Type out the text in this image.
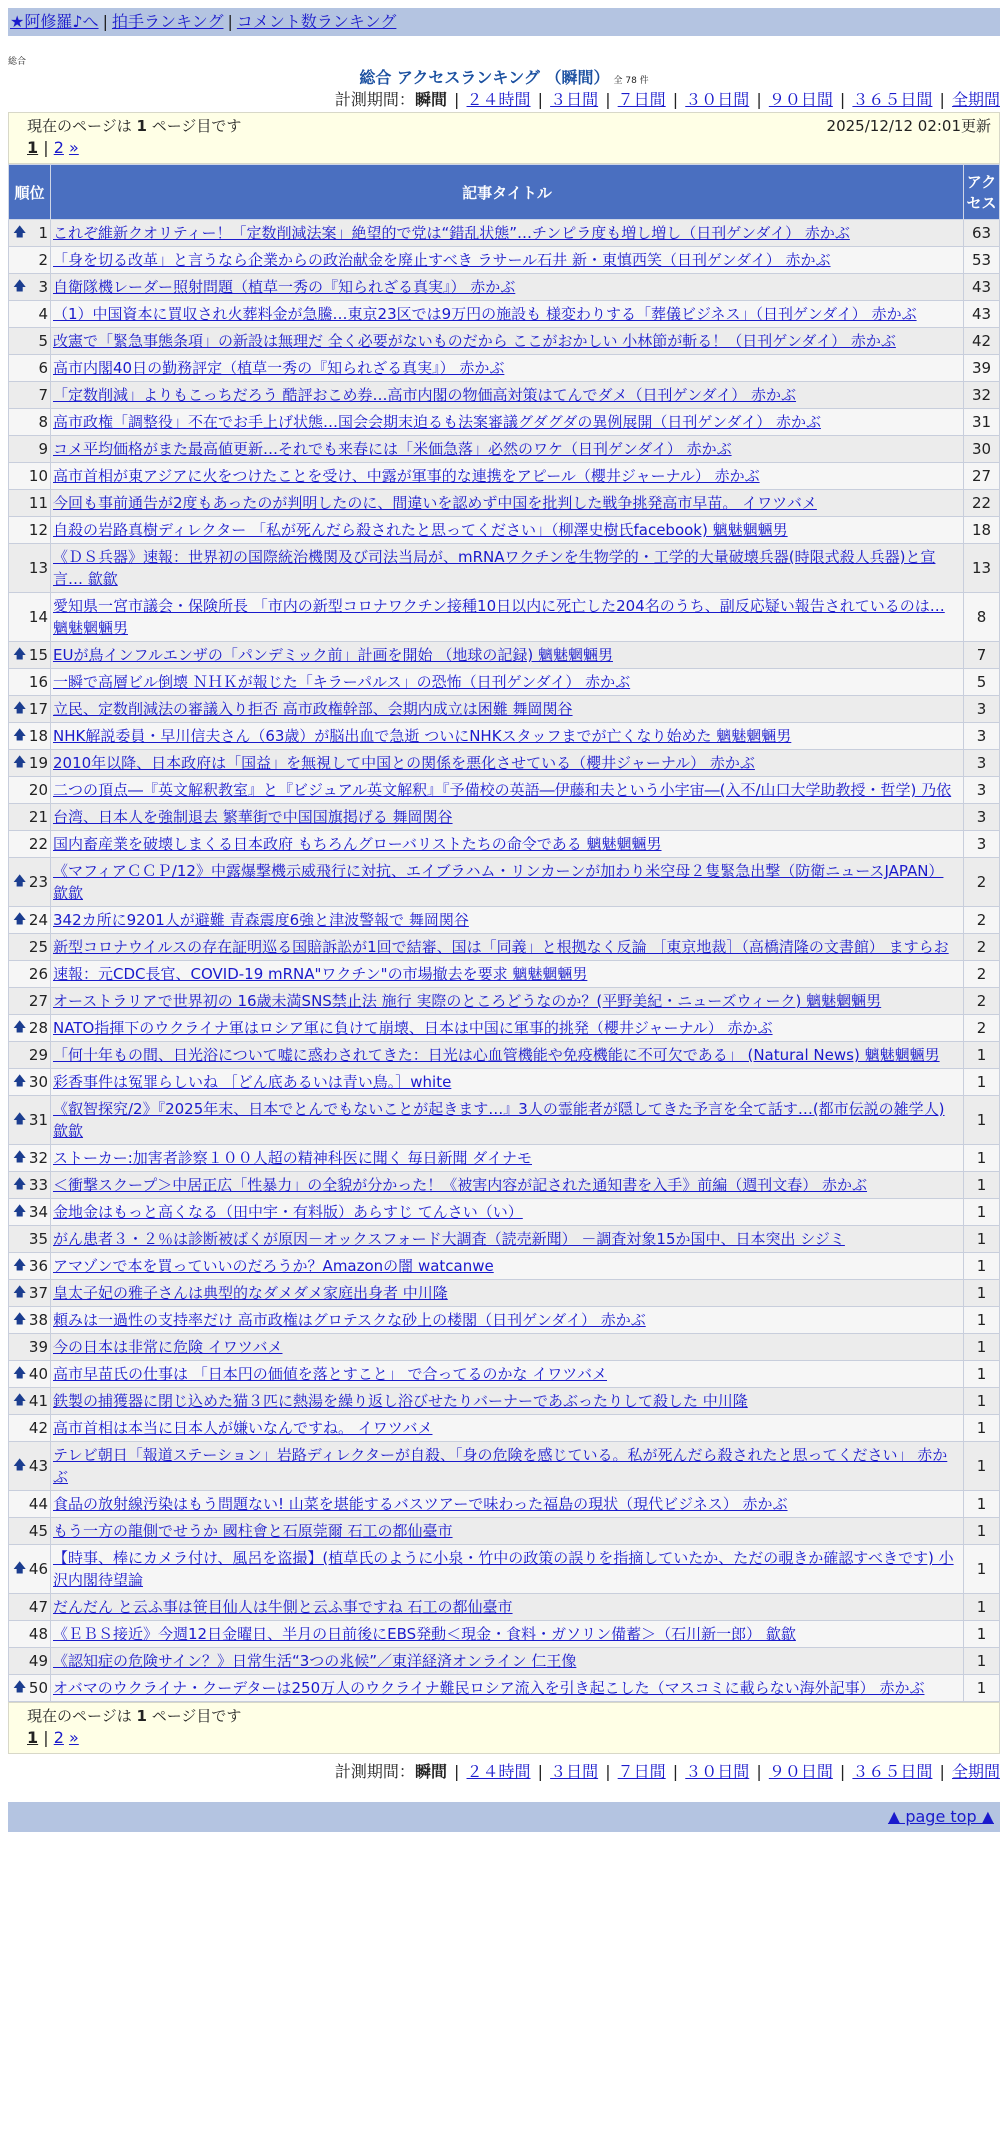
★阿修羅♪へ | 拍手ランキング | コメント数ランキング
総合
総合 アクセスランキング （瞬間） 全 78 件
計測期間：瞬間 | ２４時間 | ３日間 | ７日間 | ３０日間 | ９０日間 | ３６５日間 | 全期間
現在のページは 1 ページ目です	2025/12/12 02:01更新
1 | 2 »
順位	記事タイトル	アクセス

🡅 1	これぞ維新クオリティー！「定数削減法案」絶望的で党は“錯乱状態”…チンピラ度も増し増し（日刊ゲンダイ） 赤かぶ	63
2	「身を切る改革」と言うなら企業からの政治献金を廃止すべき ラサール石井 新・東慎西笑（日刊ゲンダイ） 赤かぶ	53

🡅 3	自衛隊機レーダー照射問題（植草一秀の『知られざる真実』） 赤かぶ	43
4	（1）中国資本に買収され火葬料金が急騰…東京23区では9万円の施設も 様変わりする「葬儀ビジネス」（日刊ゲンダイ） 赤かぶ	43
5	改憲で「緊急事態条項」の新設は無理だ 全く必要がないものだから ここがおかしい 小林節が斬る！（日刊ゲンダイ） 赤かぶ	42
6	高市内閣40日の勤務評定（植草一秀の『知られざる真実』） 赤かぶ	39
7	「定数削減」よりもこっちだろう 酷評おこめ券…高市内閣の物価高対策はてんでダメ（日刊ゲンダイ） 赤かぶ	32
8	高市政権「調整役」不在でお手上げ状態…国会会期末迫るも法案審議グダグダの異例展開（日刊ゲンダイ） 赤かぶ	31
9	コメ平均価格がまた最高値更新…それでも来春には「米価急落」必然のワケ（日刊ゲンダイ） 赤かぶ	30
10	高市首相が東アジアに火をつけたことを受け、中露が軍事的な連携をアピール（櫻井ジャーナル） 赤かぶ	27
11	今回も事前通告が2度もあったのが判明したのに、間違いを認めず中国を批判した戦争挑発高市早苗。 イワツバメ	22
12	自殺の岩路真樹ディレクター 「私が死んだら殺されたと思ってください」（柳澤史樹氏facebook) 魑魅魍魎男	18
13	《ＤＳ兵器》速報：世界初の国際統治機関及び司法当局が、mRNAワクチンを生物学的・工学的大量破壊兵器(時限式殺人兵器)と宣言… 歙歙	13
14	愛知県一宮市議会・保険所長 「市内の新型コロナワクチン接種10日以内に死亡した204名のうち、副反応疑い報告されているのは… 魑魅魍魎男	8

🡅 15	EUが鳥インフルエンザの「パンデミック前」計画を開始 （地球の記録) 魑魅魍魎男	7
16	一瞬で高層ビル倒壊 ＮＨＫが報じた「キラーパルス」の恐怖（日刊ゲンダイ） 赤かぶ	5

🡅 17	立民、定数削減法の審議入り拒否 高市政権幹部、会期内成立は困難 舞岡関谷	3

🡅 18	NHK解説委員・早川信夫さん（63歳）が脳出血で急逝 ついにNHKスタッフまでが亡くなり始めた 魑魅魍魎男	3

🡅 19	2010年以降、日本政府は「国益」を無視して中国との関係を悪化させている（櫻井ジャーナル） 赤かぶ	3
20	二つの頂点―『英文解釈教室』と『ビジュアル英文解釈』『予備校の英語―伊藤和夫という小宇宙―(入不/山口大学助教授・哲学) 乃依	3
21	台湾、日本人を強制退去 繁華街で中国国旗掲げる 舞岡関谷	3
22	国内畜産業を破壊しまくる日本政府 もちろんグローバリストたちの命令である 魑魅魍魎男	3

🡅 23	《マフィアＣＣＰ/12》中露爆撃機示威飛行に対抗、エイブラハム・リンカーンが加わり米空母２隻緊急出撃（防衛ニュースJAPAN） 歙歙	2

🡅 24	342カ所に9201人が避難 青森震度6強と津波警報で 舞岡関谷	2
25	新型コロナウイルスの存在証明巡る国賠訴訟が1回で結審、国は「同義」と根拠なく反論 ［東京地裁］（高橋清隆の文書館） ますらお	2
26	速報：元CDC長官、COVID-19 mRNA"ワクチン"の市場撤去を要求 魑魅魍魎男	2
27	オーストラリアで世界初の 16歳未満SNS禁止法 施行 実際のところどうなのか？(平野美紀・ニューズウィーク) 魑魅魍魎男	2

🡅 28	NATO指揮下のウクライナ軍はロシア軍に負けて崩壊、日本は中国に軍事的挑発（櫻井ジャーナル） 赤かぶ	2
29	「何十年もの間、日光浴について嘘に惑わされてきた：日光は心血管機能や免疫機能に不可欠である」 (Natural News) 魑魅魍魎男	1

🡅 30	彩香事件は冤罪らしいね ［どん底あるいは青い鳥。］white	1

🡅 31	《叡智探究/2》『2025年末、日本でとんでもないことが起きます…』3人の霊能者が隠してきた予言を全て話す…(都市伝説の雑学人) 歙歙	1

🡅 32	ストーカー:加害者診察１００人超の精神科医に聞く 毎日新聞 ダイナモ	1

🡅 33	＜衝撃スクープ＞中居正広「性暴力」の全貌が分かった！《被害内容が記された通知書を入手》前編（週刊文春） 赤かぶ	1

🡅 34	金地金はもっと高くなる（田中宇・有料版）あらすじ てんさい（い）	1
35	がん患者３・２％は診断被ばくが原因－オックスフォード大調査（読売新聞） －調査対象15か国中、日本突出 シジミ	1

🡅 36	アマゾンで本を買っていいのだろうか？Amazonの闇 watcanwe	1

🡅 37	皇太子妃の雅子さんは典型的なダメダメ家庭出身者 中川隆	1

🡅 38	頼みは一過性の支持率だけ 高市政権はグロテスクな砂上の楼閣（日刊ゲンダイ） 赤かぶ	1
39	今の日本は非常に危険 イワツバメ	1

🡅 40	高市早苗氏の仕事は 「日本円の価値を落とすこと」 で合ってるのかな イワツバメ	1

🡅 41	鉄製の捕獲器に閉じ込めた猫３匹に熱湯を繰り返し浴びせたりバーナーであぶったりして殺した 中川隆	1
42	高市首相は本当に日本人が嫌いなんですね。 イワツバメ	1

🡅 43	テレビ朝日「報道ステーション」岩路ディレクターが自殺、「身の危険を感じている。私が死んだら殺されたと思ってください」 赤かぶ	1
44	食品の放射線汚染はもう問題ない! 山菜を堪能するバスツアーで味わった福島の現状（現代ビジネス） 赤かぶ	1
45	もう一方の龍側でせうか 國柱會と石原莞爾 石工の都仙臺市	1

🡅 46	【時事、棒にカメラ付け、風呂を盗撮】(植草氏のように小泉・竹中の政策の誤りを指摘していたか、ただの覗きか確認すべきです) 小沢内閣待望論	1
47	だんだん と云ふ事は笹目仙人は牛側と云ふ事ですね 石工の都仙臺市	1
48	《ＥＢＳ接近》今週12日金曜日、半月の日前後にEBS発動＜現金・食料・ガソリン備蓄＞（石川新一郎） 歙歙	1
49	《認知症の危険サイン？》日常生活“3つの兆候”／東洋経済オンライン 仁王像	1

🡅 50	オバマのウクライナ・クーデターは250万人のウクライナ難民ロシア流入を引き起こした（マスコミに載らない海外記事） 赤かぶ	1
現在のページは 1 ページ目です
1 | 2 »
計測期間：瞬間 | ２４時間 | ３日間 | ７日間 | ３０日間 | ９０日間 | ３６５日間 | 全期間
▲ page top ▲
